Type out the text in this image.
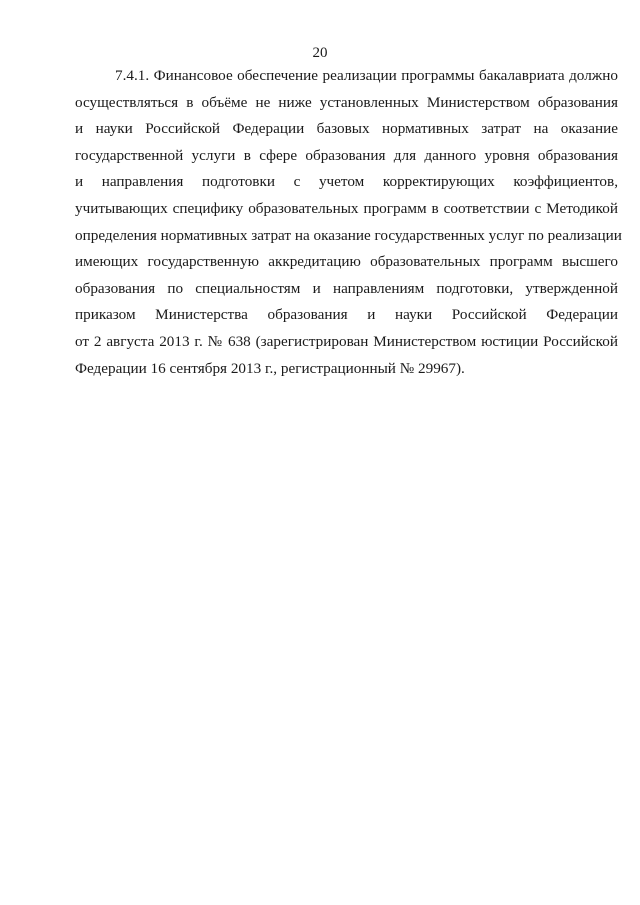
20
7.4.1. Финансовое обеспечение реализации программы бакалавриата должно
осуществляться в объёме не ниже установленных Министерством образования
и науки Российской Федерации базовых нормативных затрат на оказание
государственной услуги в сфере образования для данного уровня образования
и направления подготовки с учетом корректирующих коэффициентов,
учитывающих специфику образовательных программ в соответствии с Методикой
определения нормативных затрат на оказание государственных услуг по реализации
имеющих государственную аккредитацию образовательных программ высшего
образования по специальностям и направлениям подготовки, утвержденной
приказом Министерства образования и науки Российской Федерации
от 2 августа 2013 г. № 638 (зарегистрирован Министерством юстиции Российской
Федерации 16 сентября 2013 г., регистрационный № 29967).
